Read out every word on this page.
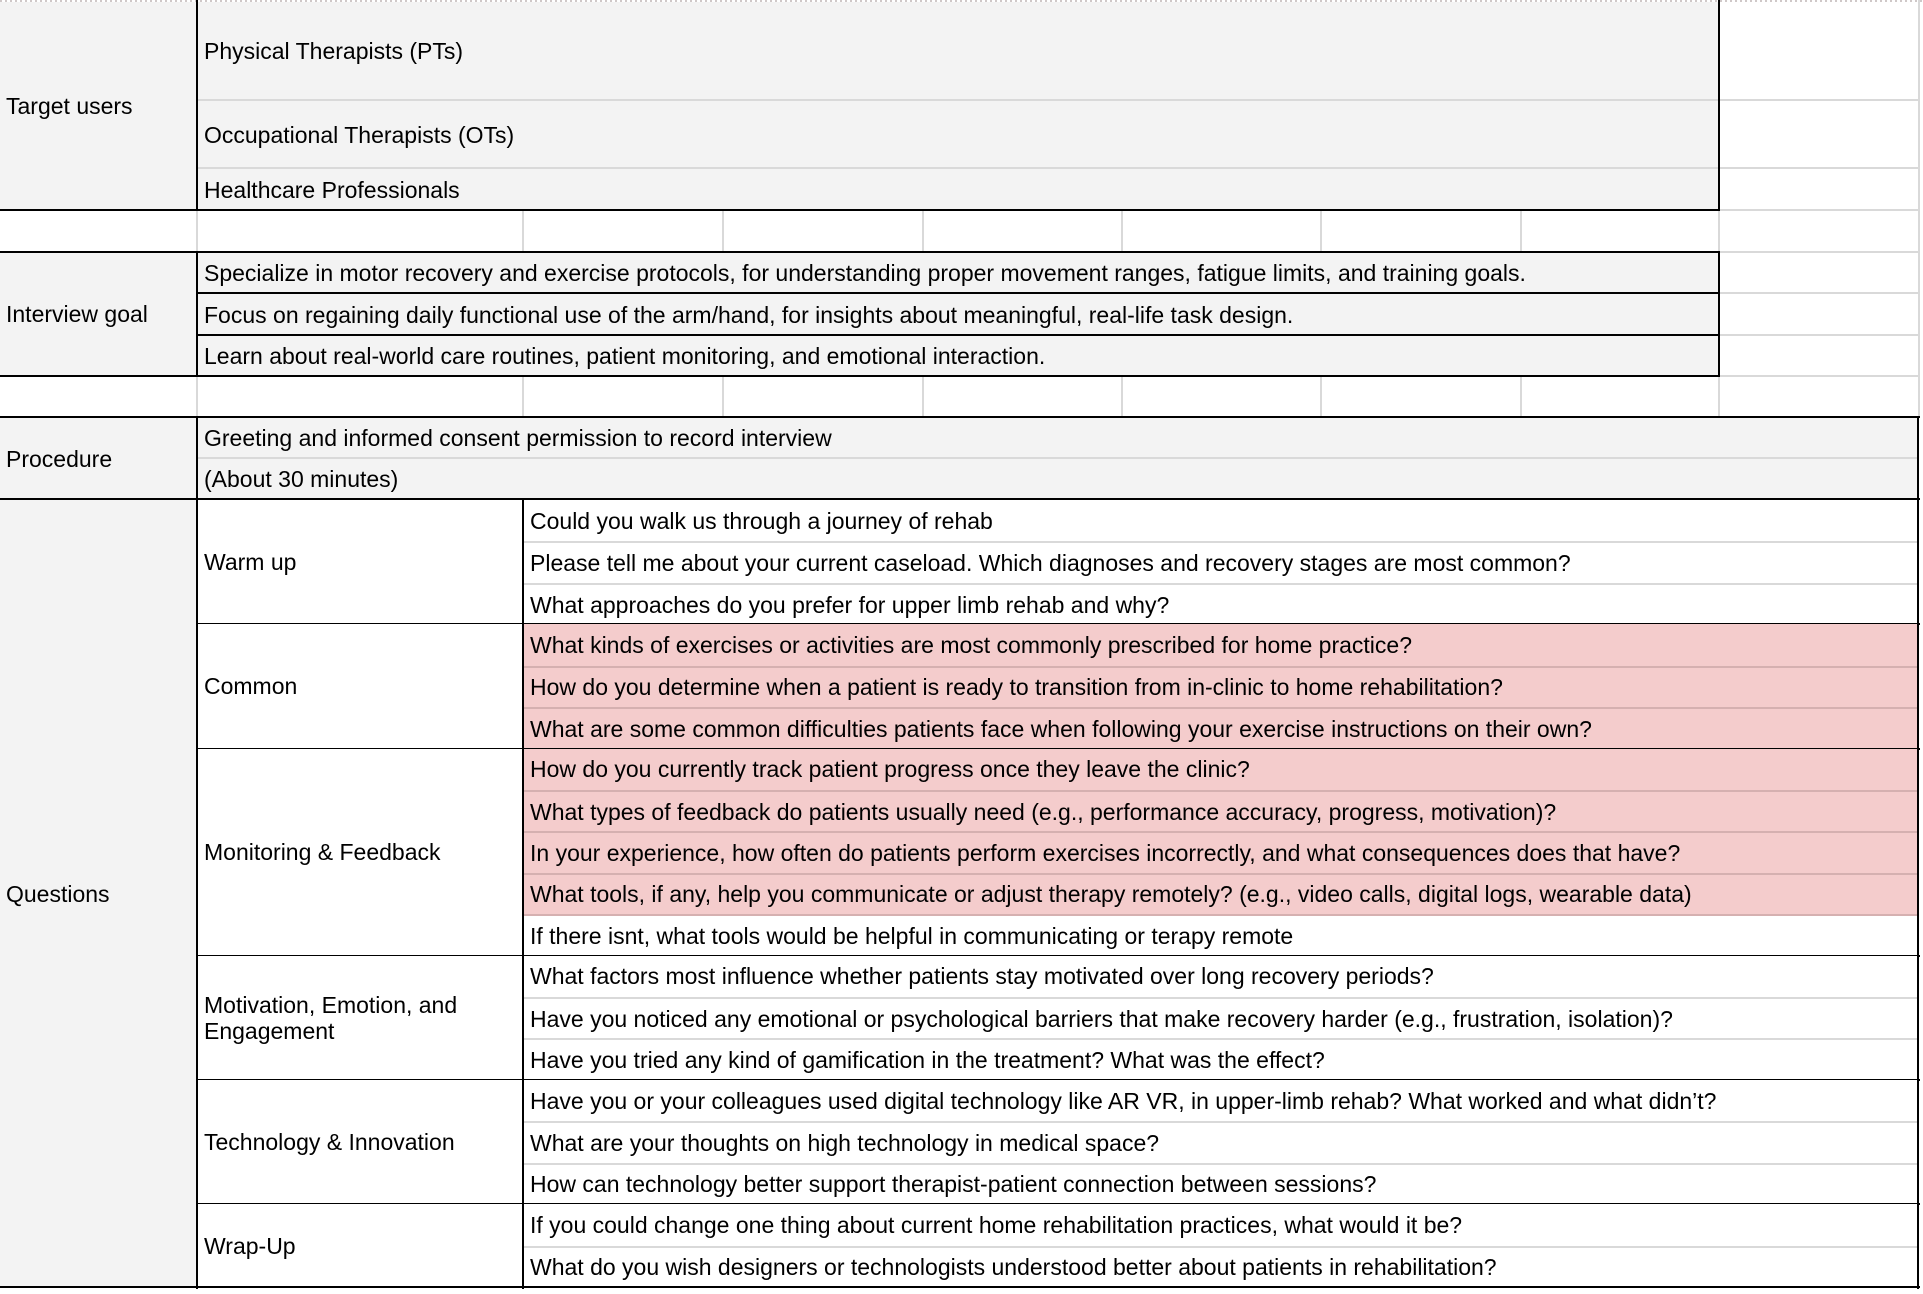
Target users
Physical Therapists (PTs)
Occupational Therapists (OTs)
Healthcare Professionals
Interview goal
Specialize in motor recovery and exercise protocols, for understanding proper movement ranges, fatigue limits, and training goals.
Focus on regaining daily functional use of the arm/hand, for insights about meaningful, real-life task design.
Learn about real-world care routines, patient monitoring, and emotional interaction.
Procedure
Greeting and informed consent permission to record interview
(About 30 minutes)
Questions
Warm up
Could you walk us through a journey of rehab
Please tell me about your current caseload. Which diagnoses and recovery stages are most common?
What approaches do you prefer for upper limb rehab and why?
Common
What kinds of exercises or activities are most commonly prescribed for home practice?
How do you determine when a patient is ready to transition from in-clinic to home rehabilitation?
What are some common difficulties patients face when following your exercise instructions on their own?
Monitoring & Feedback
How do you currently track patient progress once they leave the clinic?
What types of feedback do patients usually need (e.g., performance accuracy, progress, motivation)?
In your experience, how often do patients perform exercises incorrectly, and what consequences does that have?
What tools, if any, help you communicate or adjust therapy remotely? (e.g., video calls, digital logs, wearable data)
If there isnt, what tools would be helpful in communicating or terapy remote
Motivation, Emotion, and Engagement
What factors most influence whether patients stay motivated over long recovery periods?
Have you noticed any emotional or psychological barriers that make recovery harder (e.g., frustration, isolation)?
Have you tried any kind of gamification in the treatment? What was the effect?
Technology & Innovation
Have you or your colleagues used digital technology like AR VR, in upper-limb rehab? What worked and what didn’t?
What are your thoughts on high technology in medical space?
How can technology better support therapist-patient connection between sessions?
Wrap-Up
If you could change one thing about current home rehabilitation practices, what would it be?
What do you wish designers or technologists understood better about patients in rehabilitation?
